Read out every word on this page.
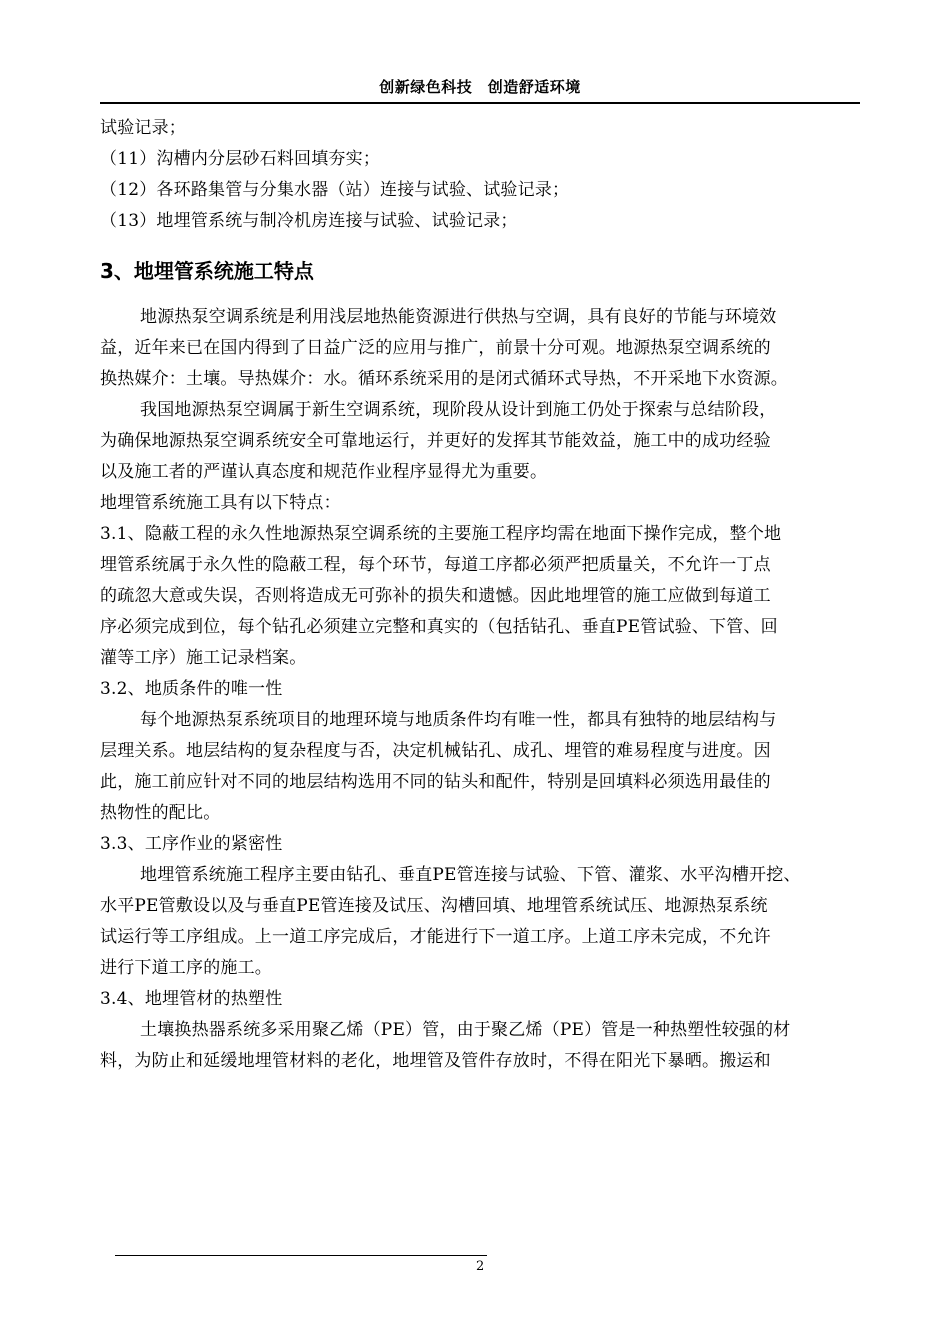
创新绿色科技　创造舒适环境
试验记录；
（11）沟槽内分层砂石料回填夯实；
（12）各环路集管与分集水器（站）连接与试验、试验记录；
（13）地埋管系统与制冷机房连接与试验、试验记录；
3、地埋管系统施工特点
地源热泵空调系统是利用浅层地热能资源进行供热与空调，具有良好的节能与环境效
益，近年来已在国内得到了日益广泛的应用与推广，前景十分可观。地源热泵空调系统的
换热媒介：土壤。导热媒介：水。循环系统采用的是闭式循环式导热，不开采地下水资源。
我国地源热泵空调属于新生空调系统，现阶段从设计到施工仍处于探索与总结阶段，
为确保地源热泵空调系统安全可靠地运行，并更好的发挥其节能效益，施工中的成功经验
以及施工者的严谨认真态度和规范作业程序显得尤为重要。
地埋管系统施工具有以下特点：
3.1、隐蔽工程的永久性地源热泵空调系统的主要施工程序均需在地面下操作完成，整个地
埋管系统属于永久性的隐蔽工程，每个环节，每道工序都必须严把质量关，不允许一丁点
的疏忽大意或失误，否则将造成无可弥补的损失和遗憾。因此地埋管的施工应做到每道工
序必须完成到位，每个钻孔必须建立完整和真实的（包括钻孔、垂直PE管试验、下管、回
灌等工序）施工记录档案。
3.2、地质条件的唯一性
每个地源热泵系统项目的地理环境与地质条件均有唯一性，都具有独特的地层结构与
层理关系。地层结构的复杂程度与否，决定机械钻孔、成孔、埋管的难易程度与进度。因
此，施工前应针对不同的地层结构选用不同的钻头和配件，特别是回填料必须选用最佳的
热物性的配比。
3.3、工序作业的紧密性
地埋管系统施工程序主要由钻孔、垂直PE管连接与试验、下管、灌浆、水平沟槽开挖、
水平PE管敷设以及与垂直PE管连接及试压、沟槽回填、地埋管系统试压、地源热泵系统
试运行等工序组成。上一道工序完成后，才能进行下一道工序。上道工序未完成，不允许
进行下道工序的施工。
3.4、地埋管材的热塑性
土壤换热器系统多采用聚乙烯（PE）管，由于聚乙烯（PE）管是一种热塑性较强的材
料，为防止和延缓地埋管材料的老化，地埋管及管件存放时，不得在阳光下暴晒。搬运和
2
